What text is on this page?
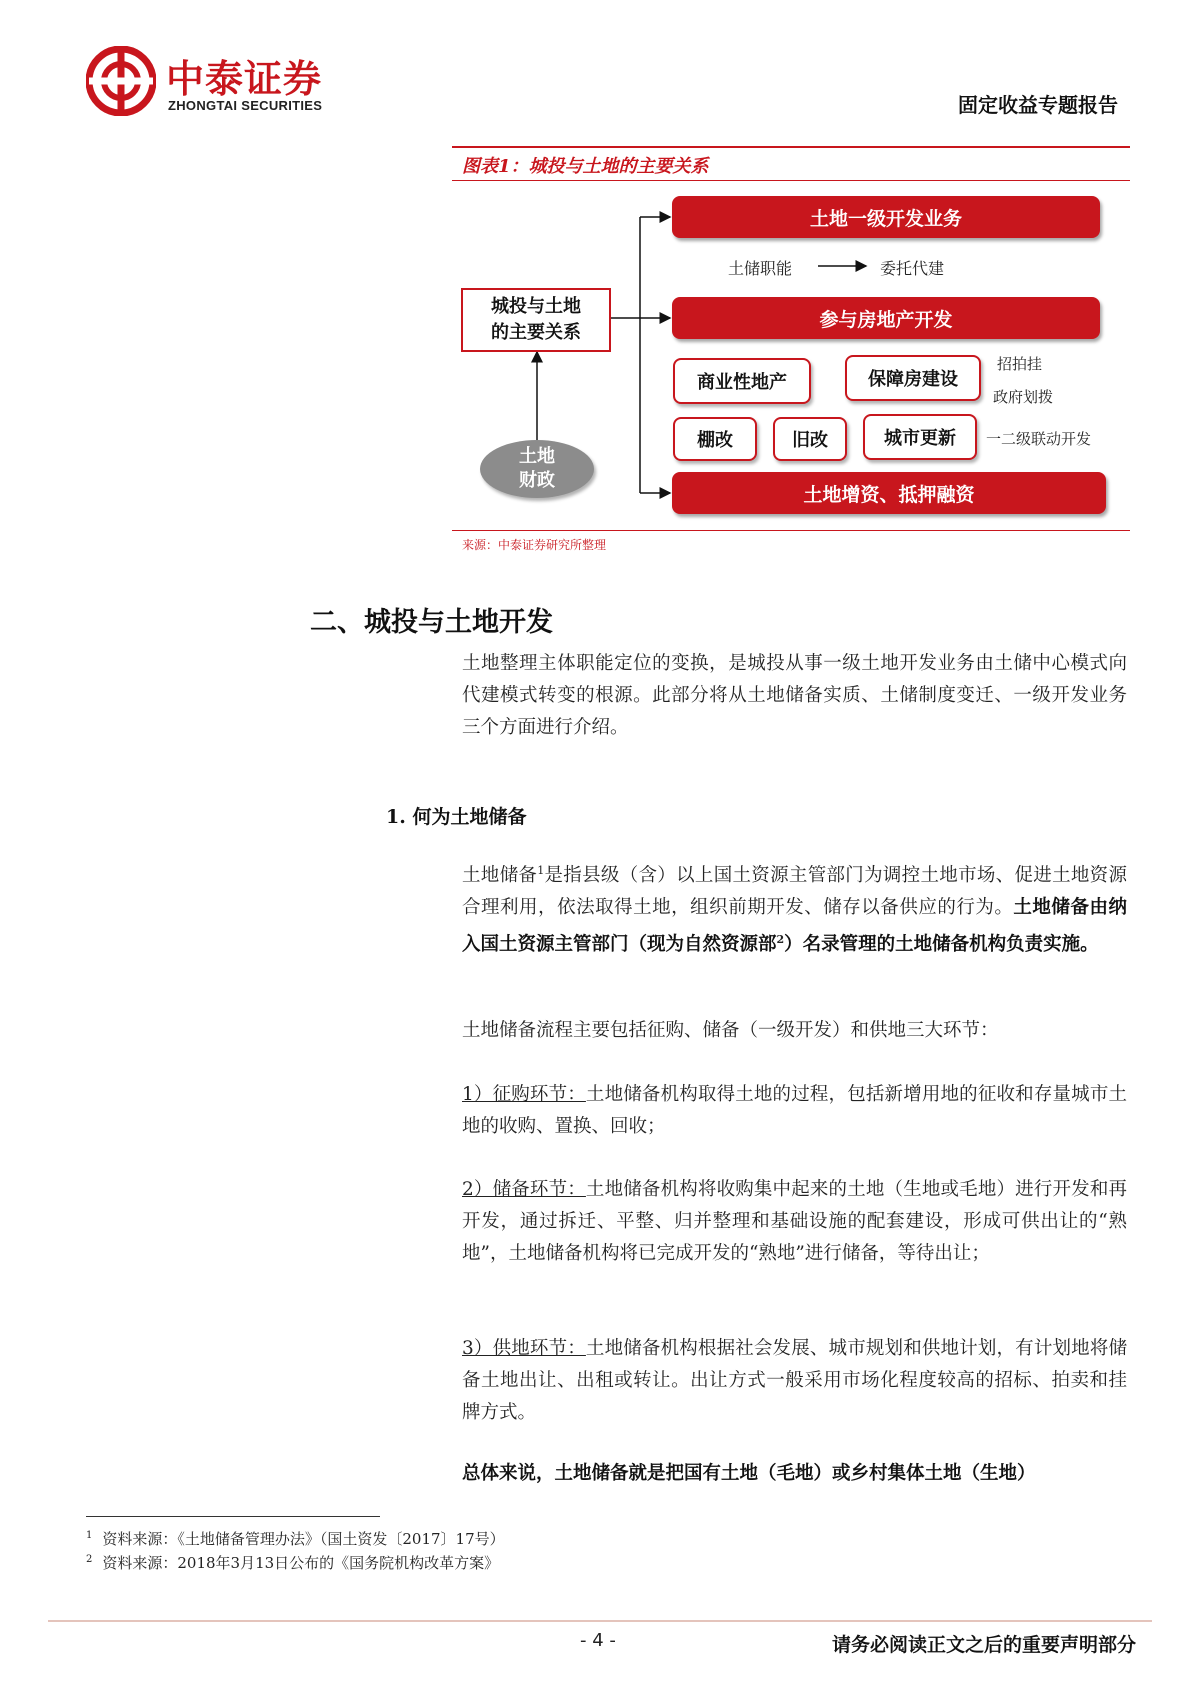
中泰证券
ZHONGTAI SECURITIES	固定收益专题报告
图表1：城投与土地的主要关系
城投与土地
的主要关系
土地
财政
土地一级开发业务
土储职能	委托代建
参与房地产开发
商业性地产	保障房建设
招拍挂
政府划拨
棚改	旧改	城市更新	一二级联动开发
土地增资、抵押融资
来源：中泰证券研究所整理
二、城投与土地开发
土地整理主体职能定位的变换，是城投从事一级土地开发业务由土储中心模式向代建模式转变的根源。此部分将从土地储备实质、土储制度变迁、一级开发业务三个方面进行介绍。
1. 何为土地储备
土地储备$^1$是指县级（含）以上国土资源主管部门为调控土地市场、促进土地资源合理利用，依法取得土地，组织前期开发、储存以备供应的行为。土地储备由纳入国土资源主管部门（现为自然资源部$^2$）名录管理的土地储备机构负责实施。
土地储备流程主要包括征购、储备（一级开发）和供地三大环节：
1）征购环节：土地储备机构取得土地的过程，包括新增用地的征收和存量城市土地的收购、置换、回收；
2）储备环节：土地储备机构将收购集中起来的土地（生地或毛地）进行开发和再开发，通过拆迁、平整、归并整理和基础设施的配套建设，形成可供出让的“熟地”，土地储备机构将已完成开发的“熟地”进行储备，等待出让；
3）供地环节：土地储备机构根据社会发展、城市规划和供地计划，有计划地将储备土地出让、出租或转让。出让方式一般采用市场化程度较高的招标、拍卖和挂牌方式。
总体来说，土地储备就是把国有土地（毛地）或乡村集体土地（生地）
$^1$ 资料来源：《土地储备管理办法》（国土资发〔2017〕17号）
$^2$ 资料来源：2018年3月13日公布的《国务院机构改革方案》
- 4 -	请务必阅读正文之后的重要声明部分
